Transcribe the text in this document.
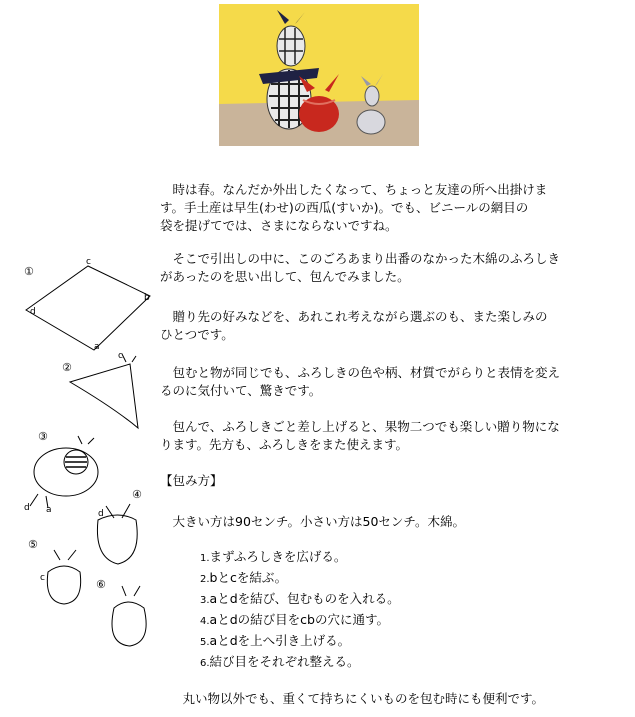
　時は春。なんだか外出したくなって、ちょっと友達の所へ出掛けま
す。手土産は早生(わせ)の西瓜(すいか)。でも、ビニールの網目の
袋を提げてでは、さまにならないですね。

　そこで引出しの中に、このごろあまり出番のなかった木綿のふろしき
があったのを思い出して、包んでみました。

　贈り先の好みなどを、あれこれ考えながら選ぶのも、また楽しみの
ひとつです。

　包むと物が同じでも、ふろしきの色や柄、材質でがらりと表情を変え
るのに気付いて、驚きです。

　包んで、ふろしきごと差し上げると、果物二つでも楽しい贈り物にな
ります。先方も、ふろしきをまた使えます。

【包み方】

　大きい方は90センチ。小さい方は50センチ。木綿。

1.まずふろしきを広げる。
2.bとcを結ぶ。
3.aとdを結び、包むものを入れる。
4.aとdの結び目をcbの穴に通す。
5.aとdを上へ引き上げる。
6.結び目をそれぞれ整える。

　丸い物以外でも、重くて持ちにくいものを包む時にも便利です。

①
c
b
d
a
②
c
③
d a
④
d
⑤
c	⑥
